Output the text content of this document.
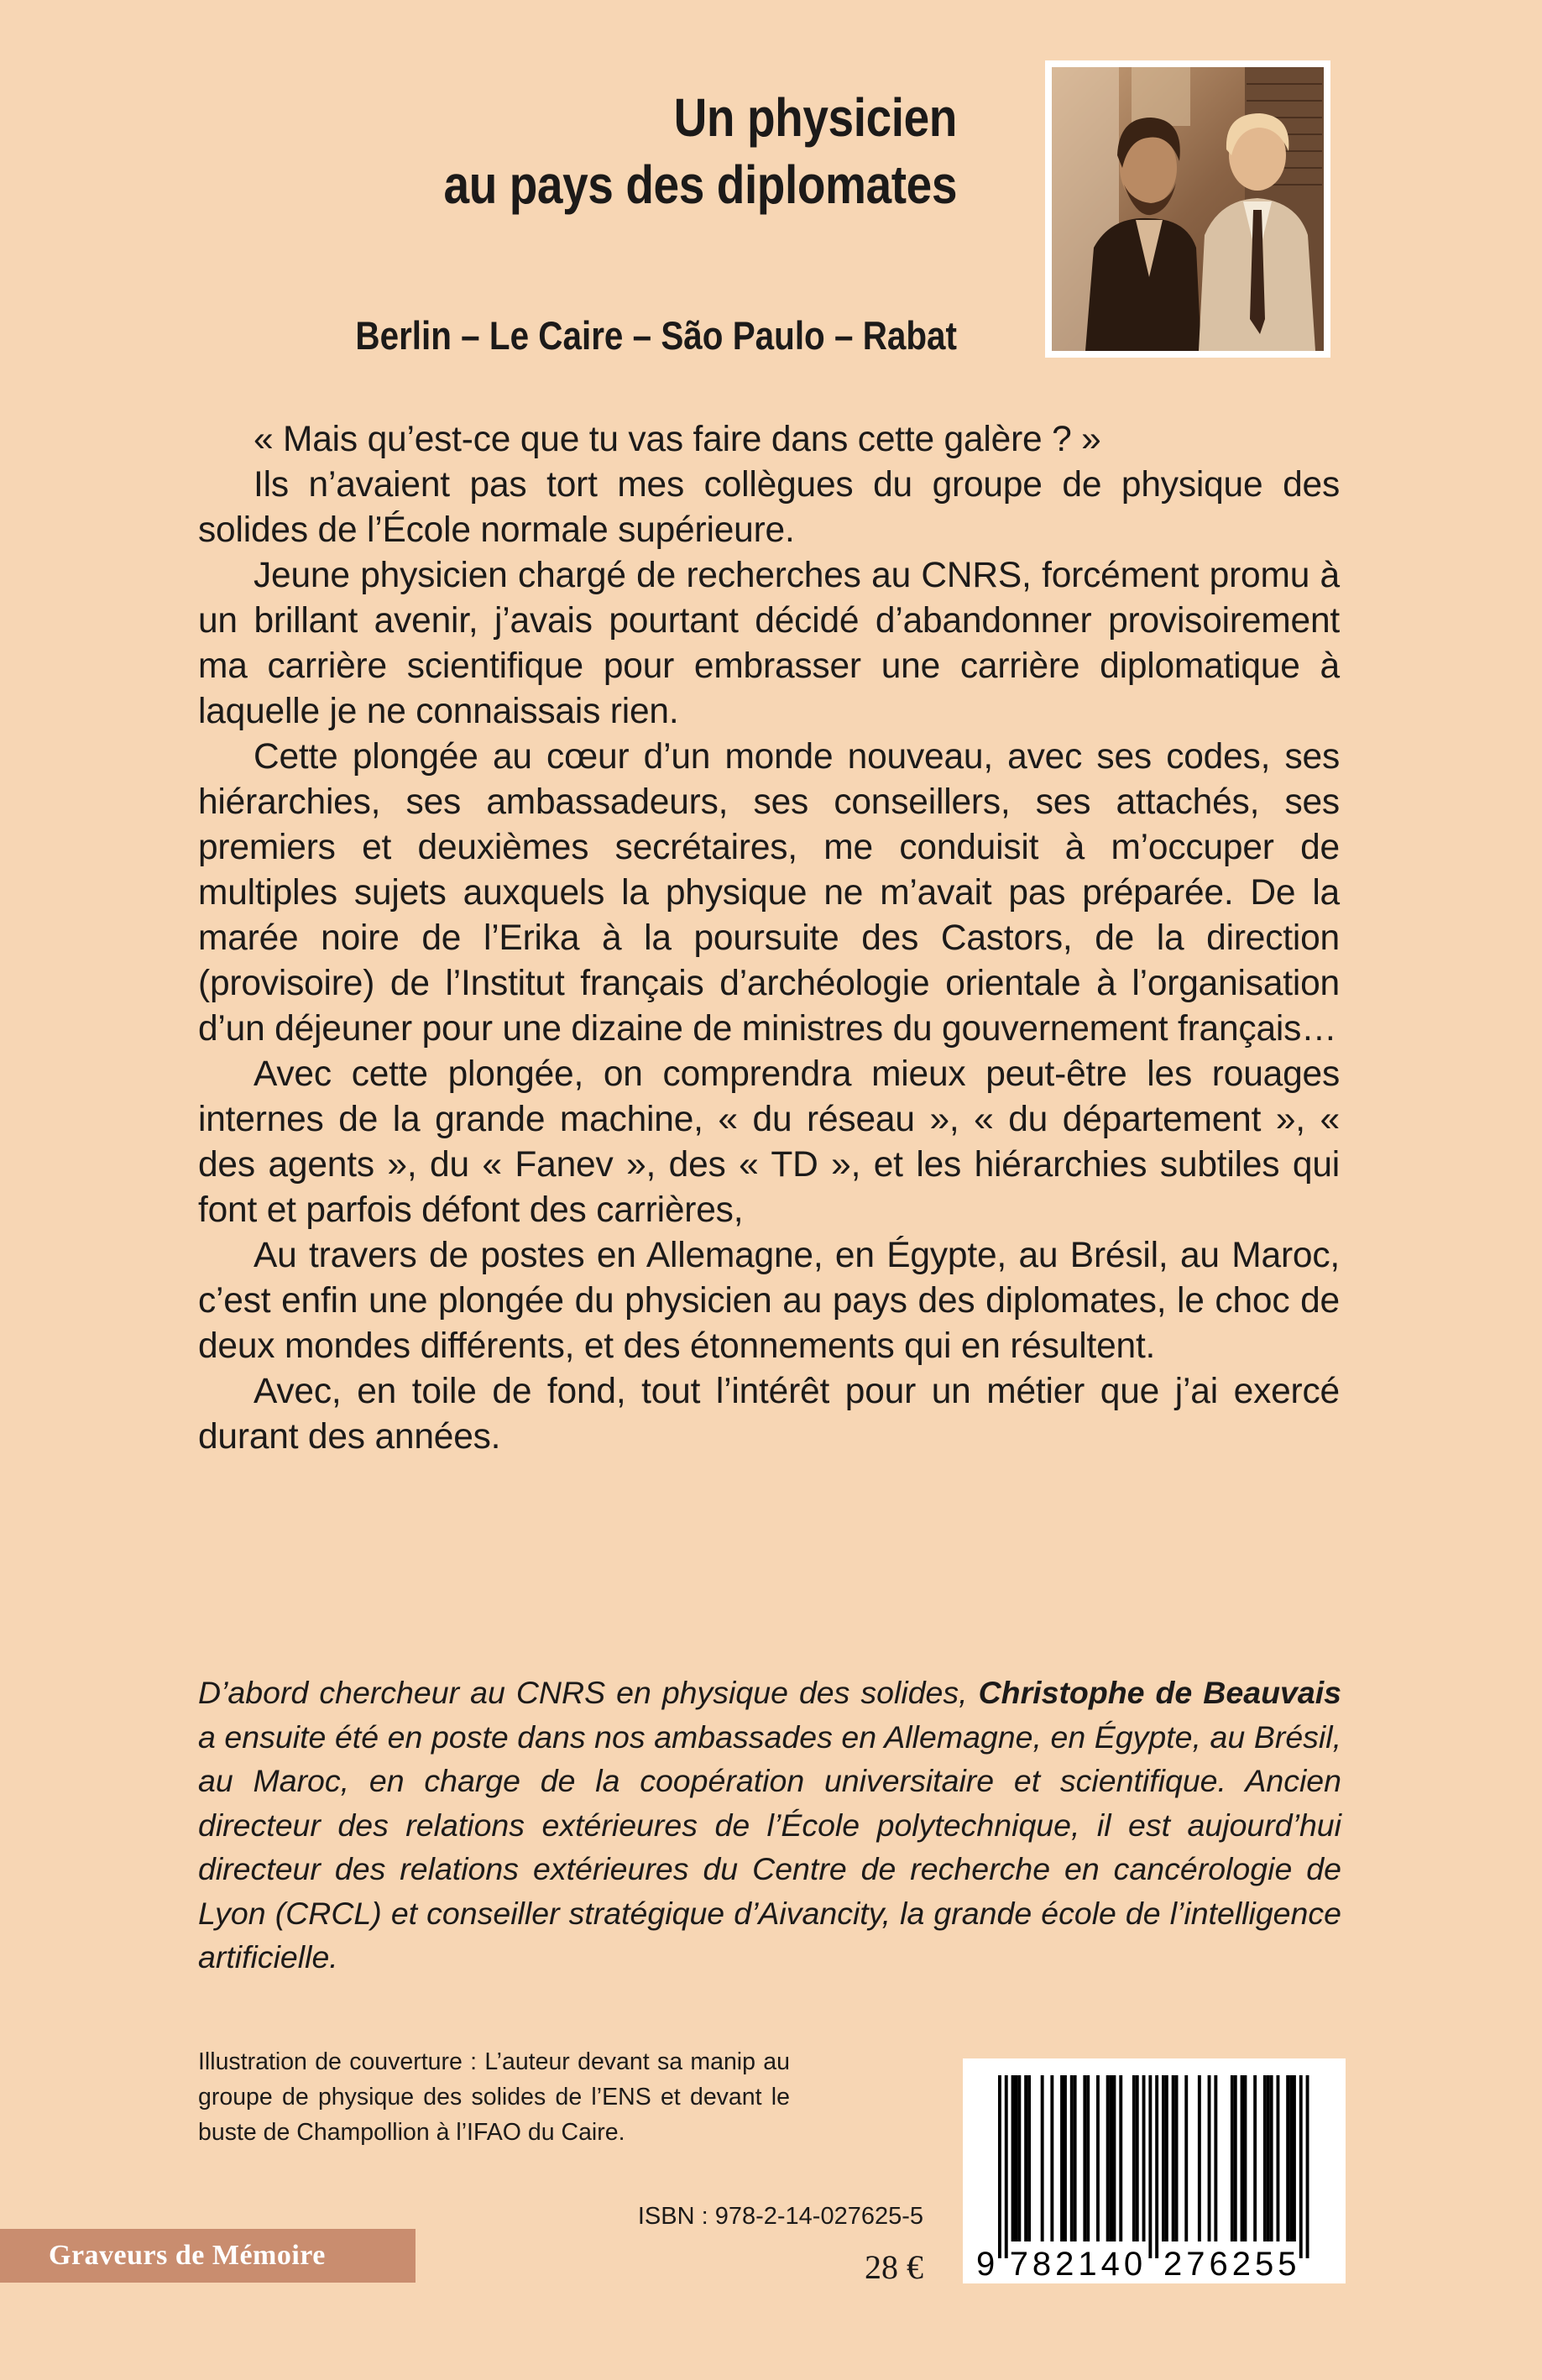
Un physicien
au pays des diplomates
Berlin – Le Caire – São Paulo – Rabat

« Mais qu’est-ce que tu vas faire dans cette galère ? »

Ils n’avaient pas tort mes collègues du groupe de physique des solides de l’École normale supérieure.

Jeune physicien chargé de recherches au CNRS, forcément promu à un brillant avenir, j’avais pourtant décidé d’abandonner provisoirement ma carrière scientifique pour embrasser une carrière diplomatique à laquelle je ne connaissais rien.

Cette plongée au cœur d’un monde nouveau, avec ses codes, ses hiérarchies, ses ambassadeurs, ses conseillers, ses attachés, ses premiers et deuxièmes secrétaires, me conduisit à m’occuper de multiples sujets auxquels la physique ne m’avait pas préparée. De la marée noire de l’Erika à la poursuite des Castors, de la direction (provisoire) de l’Institut français d’archéologie orientale à l’organisation d’un déjeuner pour une dizaine de ministres du gouvernement français…

Avec cette plongée, on comprendra mieux peut-être les rouages internes de la grande machine, « du réseau », « du département », « des agents », du « Fanev », des « TD », et les hiérarchies subtiles qui font et parfois défont des carrières,

Au travers de postes en Allemagne, en Égypte, au Brésil, au Maroc, c’est enfin une plongée du physicien au pays des diplomates, le choc de deux mondes différents, et des étonnements qui en résultent.

Avec, en toile de fond, tout l’intérêt pour un métier que j’ai exercé durant des années.

D’abord chercheur au CNRS en physique des solides, Christophe de Beauvais a ensuite été en poste dans nos ambassades en Allemagne, en Égypte, au Brésil, au Maroc, en charge de la coopération universitaire et scientifique. Ancien directeur des relations extérieures de l’École polytechnique, il est aujourd’hui directeur des relations extérieures du Centre de recherche en cancérologie de Lyon (CRCL) et conseiller stratégique d’Aivancity, la grande école de l’intelligence artificielle.

Illustration de couverture : L’auteur devant sa manip au groupe de physique des solides de l’ENS et devant le buste de Champollion à l’IFAO du Caire.
ISBN : 978-2-14-027625-5
28 €
Graveurs de Mémoire	9 782140 276255
